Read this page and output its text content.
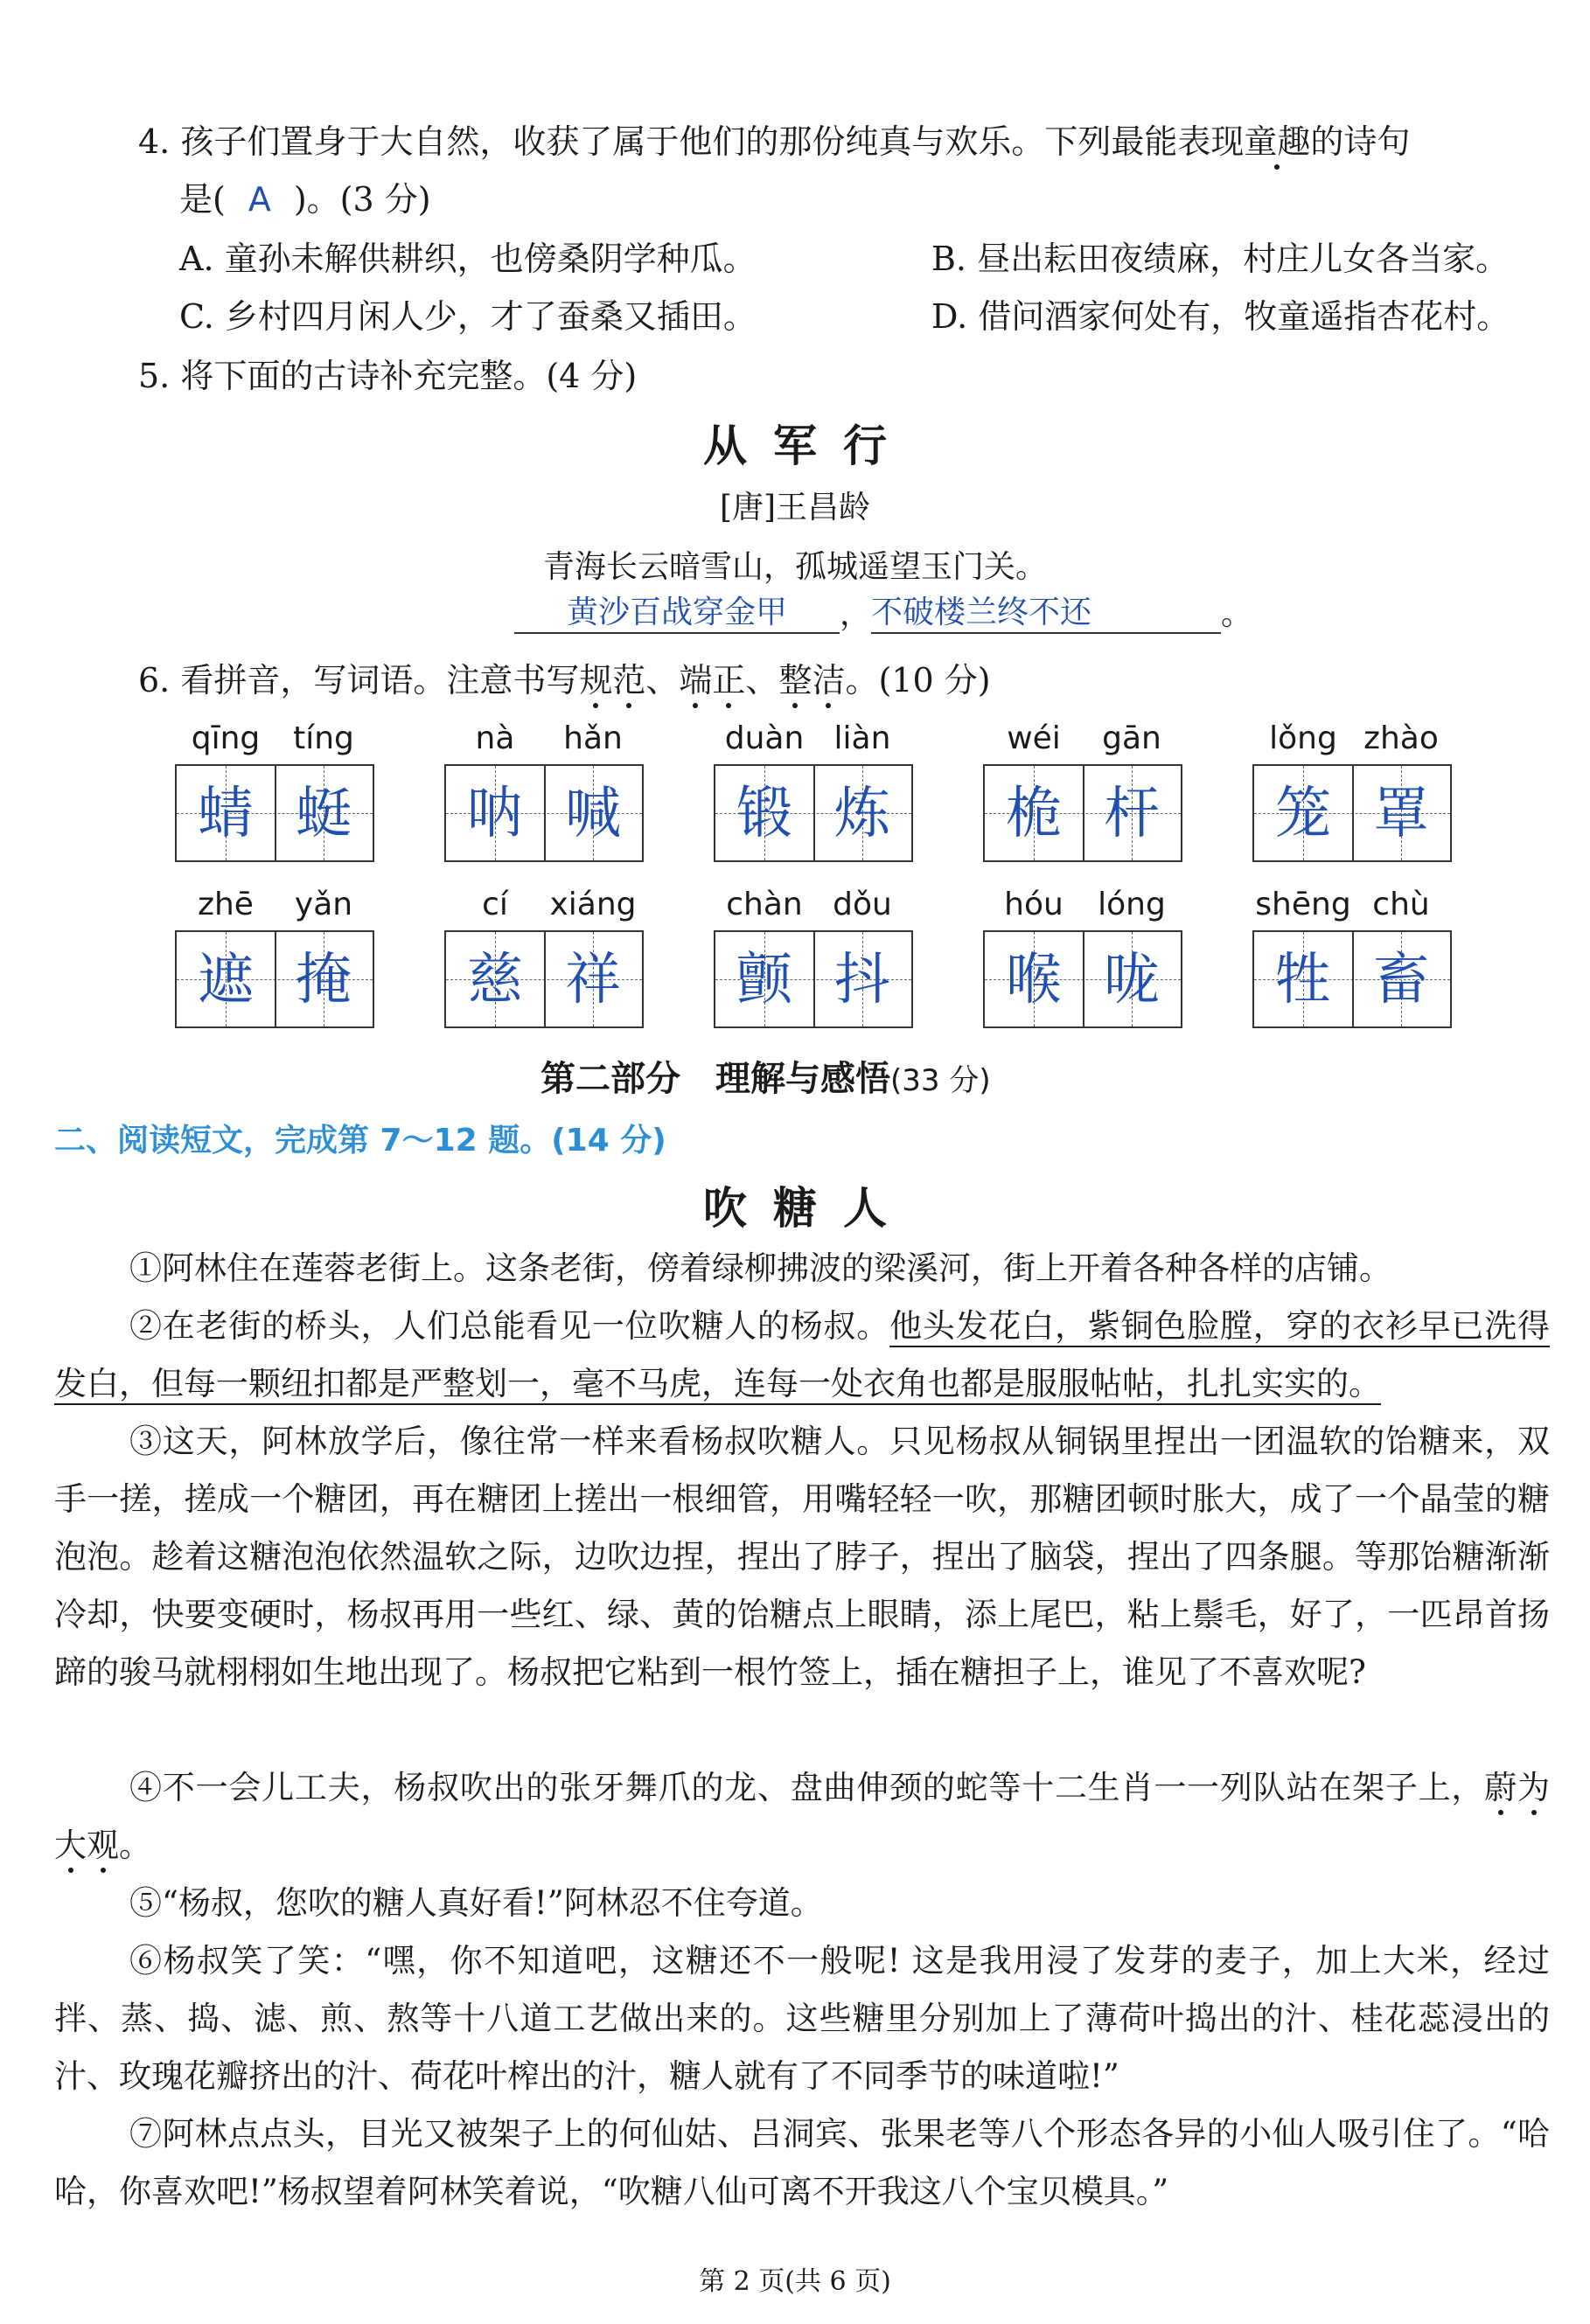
4. 孩子们置身于大自然，收获了属于他们的那份纯真与欢乐。下列最能表现童趣的诗句
是( A )。(3 分)
A. 童孙未解供耕织，也傍桑阴学种瓜。	B. 昼出耘田夜绩麻，村庄儿女各当家。
C. 乡村四月闲人少，才了蚕桑又插田。	D. 借问酒家何处有，牧童遥指杏花村。
5. 将下面的古诗补充完整。(4 分)
从军行
[唐]王昌龄
青海长云暗雪山，孤城遥望玉门关。
黄沙百战穿金甲 ，不破楼兰终不还	。
6. 看拼音，写词语。注意书写规范、端正、整洁。(10 分)
qīng	tíng
蜻 蜓
nà	hǎn
呐 喊
duàn liàn
锻 炼
wéi	gān
桅 杆
lǒng zhào
笼 罩
zhē	yǎn
遮 掩
cí	xiáng
慈 祥
chàn dǒu
颤 抖
hóu	lóng
喉 咙
shēng chù
牲 畜
第二部分　理解与感悟(33 分)
二、阅读短文，完成第 7～12 题。(14 分)
吹糖人
①阿林住在莲蓉老街上。这条老街，傍着绿柳拂波的梁溪河，街上开着各种各样的店铺。
②在老街的桥头，人们总能看见一位吹糖人的杨叔。他头发花白，紫铜色脸膛，穿的衣衫早已洗得发白，但每一颗纽扣都是严整划一，毫不马虎，连每一处衣角也都是服服帖帖，扎扎实实的。
③这天，阿林放学后，像往常一样来看杨叔吹糖人。只见杨叔从铜锅里捏出一团温软的饴糖来，双手一搓，搓成一个糖团，再在糖团上搓出一根细管，用嘴轻轻一吹，那糖团顿时胀大，成了一个晶莹的糖泡泡。趁着这糖泡泡依然温软之际，边吹边捏，捏出了脖子，捏出了脑袋，捏出了四条腿。等那饴糖渐渐冷却，快要变硬时，杨叔再用一些红、绿、黄的饴糖点上眼睛，添上尾巴，粘上鬃毛，好了，一匹昂首扬蹄的骏马就栩栩如生地出现了。杨叔把它粘到一根竹签上，插在糖担子上，谁见了不喜欢呢?
④不一会儿工夫，杨叔吹出的张牙舞爪的龙、盘曲伸颈的蛇等十二生肖一一列队站在架子上，蔚为大观。
⑤“杨叔，您吹的糖人真好看!”阿林忍不住夸道。
⑥杨叔笑了笑：“嘿，你不知道吧，这糖还不一般呢! 这是我用浸了发芽的麦子，加上大米，经过拌、蒸、捣、滤、煎、熬等十八道工艺做出来的。这些糖里分别加上了薄荷叶捣出的汁、桂花蕊浸出的汁、玫瑰花瓣挤出的汁、荷花叶榨出的汁，糖人就有了不同季节的味道啦!”
⑦阿林点点头，目光又被架子上的何仙姑、吕洞宾、张果老等八个形态各异的小仙人吸引住了。“哈哈，你喜欢吧!”杨叔望着阿林笑着说，“吹糖八仙可离不开我这八个宝贝模具。”
第 2 页(共 6 页)
